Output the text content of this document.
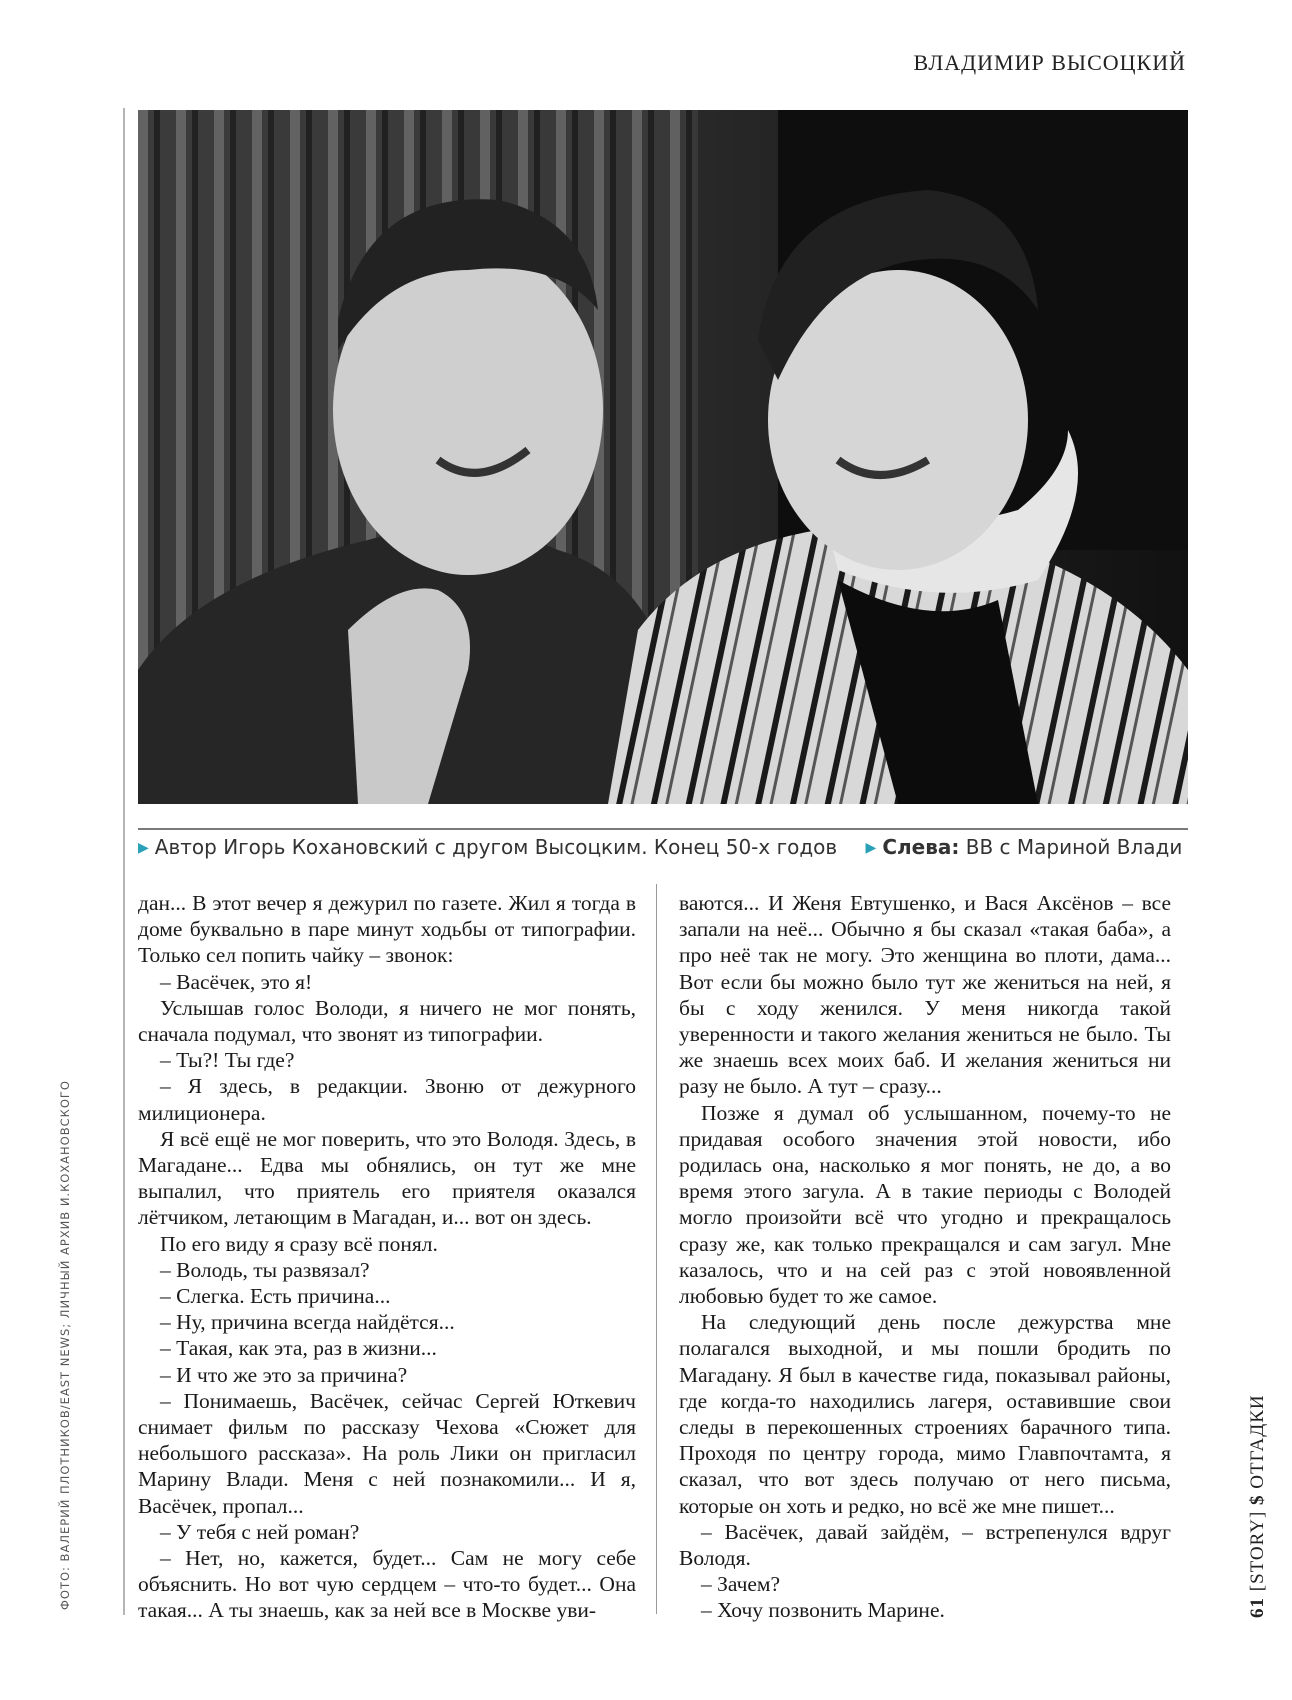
ВЛАДИМИР ВЫСОЦКИЙ
▶ Автор Игорь Кохановский с другом Высоцким. Конец 50-х годов ▶ Слева: ВВ с Мариной Влади

дан... В этот вечер я дежурил по газете. Жил я тогда в доме буквально в паре минут ходьбы от типографии. Только сел попить чайку – звонок:

– Васёчек, это я!

Услышав голос Володи, я ничего не мог понять, сначала подумал, что звонят из типографии.

– Ты?! Ты где?

– Я здесь, в редакции. Звоню от дежурного милиционера.

Я всё ещё не мог поверить, что это Володя. Здесь, в Магадане... Едва мы обнялись, он тут же мне выпалил, что приятель его приятеля оказался лётчиком, летающим в Магадан, и... вот он здесь.

По его виду я сразу всё понял.

– Володь, ты развязал?

– Слегка. Есть причина...

– Ну, причина всегда найдётся...

– Такая, как эта, раз в жизни...

– И что же это за причина?

– Понимаешь, Васёчек, сейчас Сергей Юткевич снимает фильм по рассказу Чехова «Сюжет для небольшого рассказа». На роль Лики он пригласил Марину Влади. Меня с ней познакомили... И я, Васёчек, пропал...

– У тебя с ней роман?

– Нет, но, кажется, будет... Сам не могу себе объяснить. Но вот чую сердцем – что-то будет... Она такая... А ты знаешь, как за ней все в Москве уви-

ваются... И Женя Евтушенко, и Вася Аксёнов – все запали на неё... Обычно я бы сказал «такая баба», а про неё так не могу. Это женщина во плоти, дама... Вот если бы можно было тут же жениться на ней, я бы с ходу женился. У меня никогда такой уверенности и такого желания жениться не было. Ты же знаешь всех моих баб. И желания жениться ни разу не было. А тут – сразу...

Позже я думал об услышанном, почему-то не придавая особого значения этой новости, ибо родилась она, насколько я мог понять, не до, а во время этого загула. А в такие периоды с Володей могло произойти всё что угодно и прекращалось сразу же, как только прекращался и сам загул. Мне казалось, что и на сей раз с этой новоявленной любовью будет то же самое.

На следующий день после дежурства мне полагался выходной, и мы пошли бродить по Магадану. Я был в качестве гида, показывал районы, где когда-то находились лагеря, оставившие свои следы в перекошенных строениях барачного типа. Проходя по центру города, мимо Главпочтамта, я сказал, что вот здесь получаю от него письма, которые он хоть и редко, но всё же мне пишет...

– Васёчек, давай зайдём, – встрепенулся вдруг Володя.

– Зачем?

– Хочу позвонить Марине.

ФОТО: ВАЛЕРИЙ ПЛОТНИКОВ/EAST NEWS; ЛИЧНЫЙ АРХИВ И.КОХАНОВСКОГО	61 [STORY] $ ОТГАДКИ
